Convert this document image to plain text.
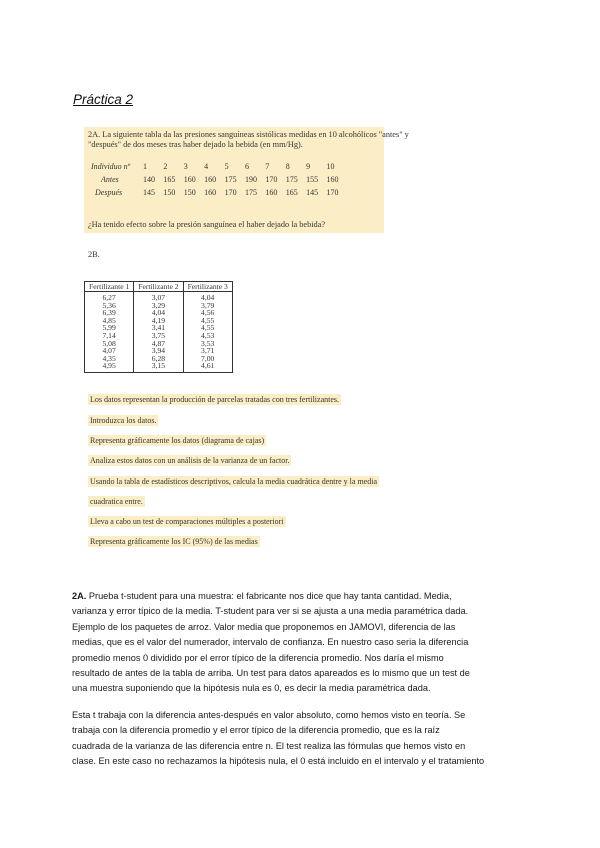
Práctica 2
2A. La siguiente tabla da las presiones sanguíneas sistólicas medidas en 10 alcohólicos "antes" y
"después" de dos meses tras haber dejado la bebida (en mm/Hg).
Individuo nº	1	2	3	4	5	6	7	8	9	10
Antes	140	165	160	160	175	190	170	175	155	160
Después	145	150	150	160	170	175	160	165	145	170
¿Ha tenido efecto sobre la presión sanguínea el haber dejado la bebida?
2B.
Fertilizante 1	Fertilizante 2	Fertilizante 3
6,27	3,07	4,04
5,36	3,29	3,79
6,39	4,04	4,56
4,85	4,19	4,55
5,99	3,41	4,55
7,14	3,75	4,53
5,08	4,87	3,53
4,07	3,94	3,71
4,35	6,28	7,00
4,95	3,15	4,61
Los datos representan la producción de parcelas tratadas con tres fertilizantes.
Introduzca los datos.
Representa gráficamente los datos (diagrama de cajas)
Analiza estos datos con un análisis de la varianza de un factor.
Usando la tabla de estadísticos descriptivos, calcula la media cuadrática dentre y la media
cuadratica entre.
Lleva a cabo un test de comparaciones múltiples a posteriori
Representa gráficamente los IC (95%) de las medias
2A. Prueba t-student para una muestra: el fabricante nos dice que hay tanta cantidad. Media,
varianza y error típico de la media. T-student para ver si se ajusta a una media paramétrica dada.
Ejemplo de los paquetes de arroz. Valor media que proponemos en JAMOVI, diferencia de las
medias, que es el valor del numerador, intervalo de confianza. En nuestro caso seria la diferencia
promedio menos 0 dividido por el error típico de la diferencia promedio. Nos daría el mismo
resultado de antes de la tabla de arriba. Un test para datos apareados es lo mismo que un test de
una muestra suponiendo que la hipótesis nula es 0, es decir la media paramétrica dada.
Esta t trabaja con la diferencia antes-después en valor absoluto, como hemos visto en teoría. Se
trabaja con la diferencia promedio y el error típico de la diferencia promedio, que es la raíz
cuadrada de la varianza de las diferencia entre n. El test realiza las fórmulas que hemos visto en
clase. En este caso no rechazamos la hipótesis nula, el 0 está incluido en el intervalo y el tratamiento
